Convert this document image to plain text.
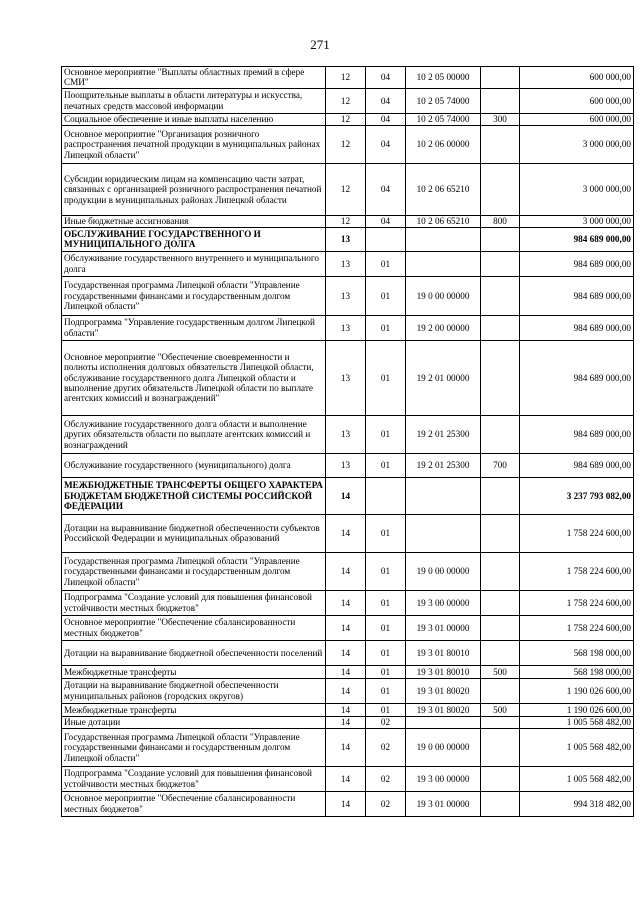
271
Основное мероприятие "Выплаты областных премий в сфере СМИ"	12	04	10 2 05 00000		600 000,00
Поощрительные выплаты в области литературы и искусства, печатных средств массовой информации	12	04	10 2 05 74000		600 000,00
Социальное обеспечение и иные выплаты населению	12	04	10 2 05 74000	300	600 000,00
Основное мероприятие "Организация розничного распространения печатной продукции в муниципальных районах Липецкой области"	12	04	10 2 06 00000		3 000 000,00
Субсидии юридическим лицам на компенсацию части затрат, связанных с организацией розничного распространения печатной продукции в муниципальных районах Липецкой области	12	04	10 2 06 65210		3 000 000,00
Иные бюджетные ассигнования	12	04	10 2 06 65210	800	3 000 000,00
ОБСЛУЖИВАНИЕ ГОСУДАРСТВЕННОГО И МУНИЦИПАЛЬНОГО ДОЛГА	13				984 689 000,00
Обслуживание государственного внутреннего и муниципального долга	13	01			984 689 000,00
Государственная программа Липецкой области "Управление государственными финансами и государственным долгом Липецкой области"	13	01	19 0 00 00000		984 689 000,00
Подпрограмма "Управление государственным долгом Липецкой области"	13	01	19 2 00 00000		984 689 000,00
Основное мероприятие "Обеспечение своевременности и полноты исполнения долговых обязательств Липецкой области, обслуживание государственного долга Липецкой области и выполнение других обязательств Липецкой области по выплате агентских комиссий и вознаграждений"	13	01	19 2 01 00000		984 689 000,00
Обслуживание государственного долга области и выполнение других обязательств области по выплате агентских комиссий и вознаграждений	13	01	19 2 01 25300		984 689 000,00
Обслуживание государственного (муниципального) долга	13	01	19 2 01 25300	700	984 689 000,00
МЕЖБЮДЖЕТНЫЕ ТРАНСФЕРТЫ ОБЩЕГО ХАРАКТЕРА БЮДЖЕТАМ БЮДЖЕТНОЙ СИСТЕМЫ РОССИЙСКОЙ ФЕДЕРАЦИИ	14				3 237 793 082,00
Дотации на выравнивание бюджетной обеспеченности субъектов Российской Федерации и муниципальных образований	14	01			1 758 224 600,00
Государственная программа Липецкой области "Управление государственными финансами и государственным долгом Липецкой области"	14	01	19 0 00 00000		1 758 224 600,00
Подпрограмма "Создание условий для повышения финансовой устойчивости местных бюджетов"	14	01	19 3 00 00000		1 758 224 600,00
Основное мероприятие "Обеспечение сбалансированности местных бюджетов"	14	01	19 3 01 00000		1 758 224 600,00
Дотации на выравнивание бюджетной обеспеченности поселений	14	01	19 3 01 80010		568 198 000,00
Межбюджетные трансферты	14	01	19 3 01 80010	500	568 198 000,00
Дотации на выравнивание бюджетной обеспеченности муниципальных районов (городских округов)	14	01	19 3 01 80020		1 190 026 600,00
Межбюджетные трансферты	14	01	19 3 01 80020	500	1 190 026 600,00
Иные дотации	14	02			1 005 568 482,00
Государственная программа Липецкой области "Управление государственными финансами и государственным долгом Липецкой области"	14	02	19 0 00 00000		1 005 568 482,00
Подпрограмма "Создание условий для повышения финансовой устойчивости местных бюджетов"	14	02	19 3 00 00000		1 005 568 482,00
Основное мероприятие "Обеспечение сбалансированности местных бюджетов"	14	02	19 3 01 00000		994 318 482,00
